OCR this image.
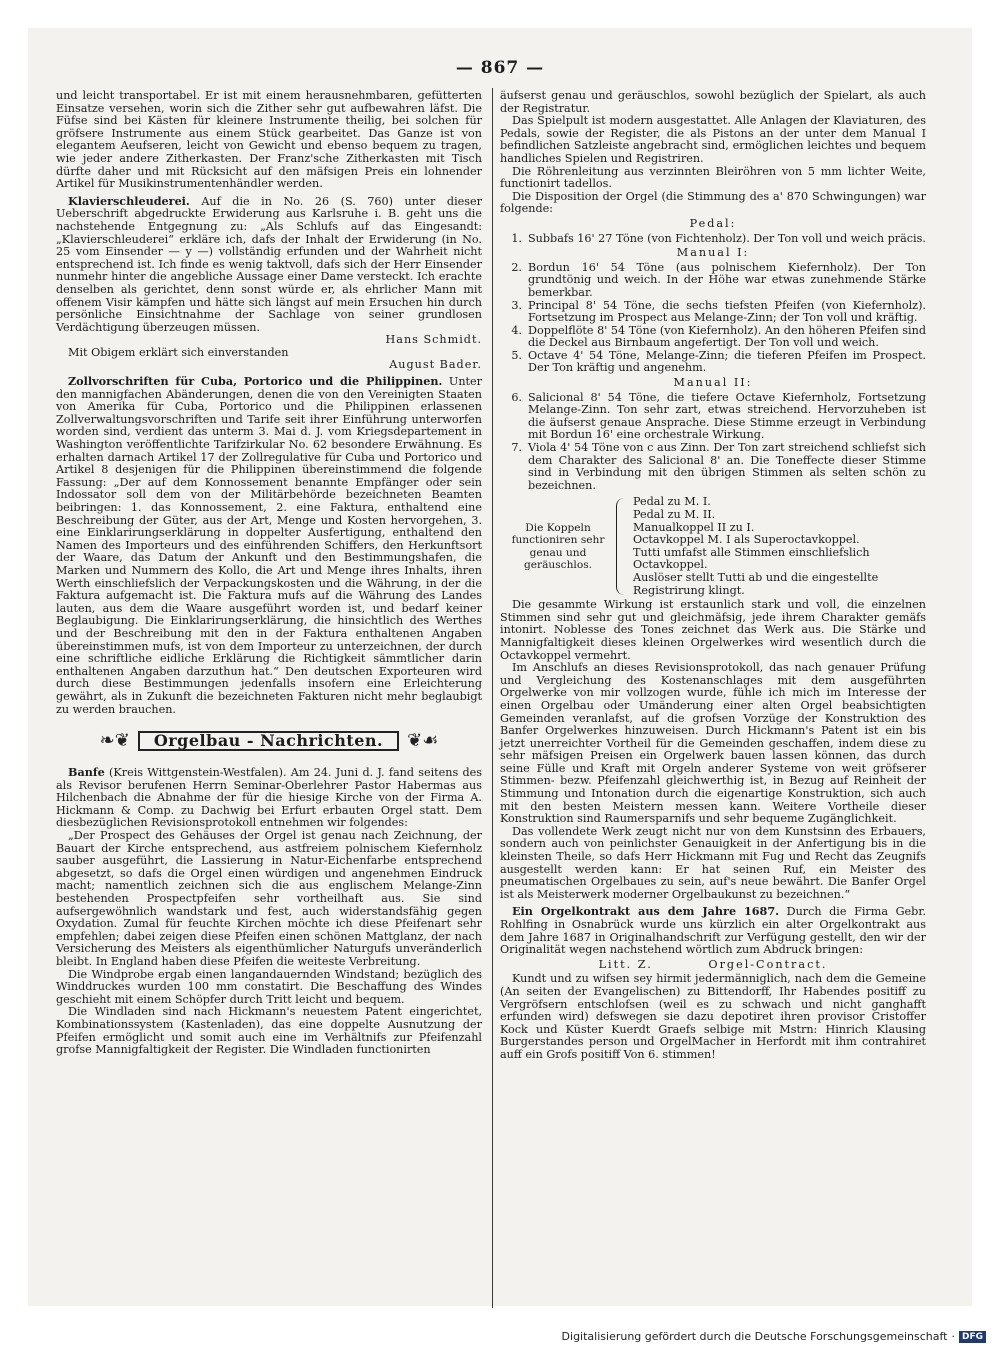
— 867 —

und leicht transportabel. Er ist mit einem herausnehmbaren, gefütterten Einsatze versehen, worin sich die Zither sehr gut aufbewahren läfst. Die Füfse sind bei Kästen für kleinere Instrumente theilig, bei solchen für gröfsere Instrumente aus einem Stück gearbeitet. Das Ganze ist von elegantem Aeufseren, leicht von Gewicht und ebenso bequem zu tragen, wie jeder andere Zitherkasten. Der Franz'sche Zitherkasten mit Tisch dürfte daher und mit Rücksicht auf den mäfsigen Preis ein lohnender Artikel für Musikinstrumentenhändler werden.

Klavierschleuderei. Auf die in No. 26 (S. 760) unter dieser Ueberschrift abgedruckte Erwiderung aus Karlsruhe i. B. geht uns die nachstehende Entgegnung zu: „Als Schlufs auf das Eingesandt: „Klavierschleuderei“ erkläre ich, dafs der Inhalt der Erwiderung (in No. 25 vom Einsender — y —) vollständig erfunden und der Wahrheit nicht entsprechend ist. Ich finde es wenig taktvoll, dafs sich der Herr Einsender nunmehr hinter die angebliche Aussage einer Dame versteckt. Ich erachte denselben als gerichtet, denn sonst würde er, als ehrlicher Mann mit offenem Visir kämpfen und hätte sich längst auf mein Ersuchen hin durch persönliche Einsichtnahme der Sachlage von seiner grundlosen Verdächtigung überzeugen müssen.

Hans Schmidt.

Mit Obigem erklärt sich einverstanden

August Bader.

Zollvorschriften für Cuba, Portorico und die Philippinen. Unter den mannigfachen Abänderungen, denen die von den Vereinigten Staaten von Amerika für Cuba, Portorico und die Philippinen erlassenen Zollverwaltungsvorschriften und Tarife seit ihrer Einführung unterworfen worden sind, verdient das unterm 3. Mai d. J. vom Kriegsdepartement in Washington veröffentlichte Tarifzirkular No. 62 besondere Erwähnung. Es erhalten darnach Artikel 17 der Zollregulative für Cuba und Portorico und Artikel 8 desjenigen für die Philippinen übereinstimmend die folgende Fassung: „Der auf dem Konnossement benannte Empfänger oder sein Indossator soll dem von der Militärbehörde bezeichneten Beamten beibringen: 1. das Konnossement, 2. eine Faktura, enthaltend eine Beschreibung der Güter, aus der Art, Menge und Kosten hervorgehen, 3. eine Einklarirungserklärung in doppelter Ausfertigung, enthaltend den Namen des Importeurs und des einführenden Schiffers, den Herkunftsort der Waare, das Datum der Ankunft und den Bestimmungshafen, die Marken und Nummern des Kollo, die Art und Menge ihres Inhalts, ihren Werth einschliefslich der Verpackungskosten und die Währung, in der die Faktura aufgemacht ist. Die Faktura mufs auf die Währung des Landes lauten, aus dem die Waare ausgeführt worden ist, und bedarf keiner Beglaubigung. Die Einklarirungserklärung, die hinsichtlich des Werthes und der Beschreibung mit den in der Faktura enthaltenen Angaben übereinstimmen mufs, ist von dem Importeur zu unterzeichnen, der durch eine schriftliche eidliche Erklärung die Richtigkeit sämmtlicher darin enthaltenen Angaben darzuthun hat.“ Den deutschen Exporteuren wird durch diese Bestimmungen jedenfalls insofern eine Erleichterung gewährt, als in Zukunft die bezeichneten Fakturen nicht mehr beglaubigt zu werden brauchen.

❧❦	Orgelbau - Nachrichten.	❦☙

Banfe (Kreis Wittgenstein-Westfalen). Am 24. Juni d. J. fand seitens des als Revisor berufenen Herrn Seminar-Oberlehrer Pastor Habermas aus Hilchenbach die Abnahme der für die hiesige Kirche von der Firma A. Hickmann & Comp. zu Dachwig bei Erfurt erbauten Orgel statt. Dem diesbezüglichen Revisionsprotokoll entnehmen wir folgendes:

„Der Prospect des Gehäuses der Orgel ist genau nach Zeichnung, der Bauart der Kirche entsprechend, aus astfreiem polnischem Kiefernholz sauber ausgeführt, die Lassierung in Natur-Eichenfarbe entsprechend abgesetzt, so dafs die Orgel einen würdigen und angenehmen Eindruck macht; namentlich zeichnen sich die aus englischem Melange-Zinn bestehenden Prospectpfeifen sehr vortheilhaft aus. Sie sind aufsergewöhnlich wandstark und fest, auch widerstandsfähig gegen Oxydation. Zumal für feuchte Kirchen möchte ich diese Pfeifenart sehr empfehlen; dabei zeigen diese Pfeifen einen schönen Mattglanz, der nach Versicherung des Meisters als eigenthümlicher Naturgufs unveränderlich bleibt. In England haben diese Pfeifen die weiteste Verbreitung.

Die Windprobe ergab einen langandauernden Windstand; bezüglich des Winddruckes wurden 100 mm constatirt. Die Beschaffung des Windes geschieht mit einem Schöpfer durch Tritt leicht und bequem.

Die Windladen sind nach Hickmann's neuestem Patent eingerichtet, Kombinationssystem (Kastenladen), das eine doppelte Ausnutzung der Pfeifen ermöglicht und somit auch eine im Verhältnifs zur Pfeifenzahl grofse Mannigfaltigkeit der Register. Die Windladen functionirten

äufserst genau und geräuschlos, sowohl bezüglich der Spielart, als auch der Registratur.

Das Spielpult ist modern ausgestattet. Alle Anlagen der Klaviaturen, des Pedals, sowie der Register, die als Pistons an der unter dem Manual I befindlichen Satzleiste angebracht sind, ermöglichen leichtes und bequem handliches Spielen und Registriren.

Die Röhrenleitung aus verzinnten Bleiröhren von 5 mm lichter Weite, functionirt tadellos.

Die Disposition der Orgel (die Stimmung des a' 870 Schwingungen) war folgende:

Pedal:
1. Subbafs 16' 27 Töne (von Fichtenholz). Der Ton voll und weich präcis.
Manual I:
2. Bordun 16' 54 Töne (aus polnischem Kiefernholz). Der Ton grundtönig und weich. In der Höhe war etwas zunehmende Stärke bemerkbar.
3. Principal 8' 54 Töne, die sechs tiefsten Pfeifen (von Kiefernholz). Fortsetzung im Prospect aus Melange-Zinn; der Ton voll und kräftig.
4. Doppelflöte 8' 54 Töne (von Kiefernholz). An den höheren Pfeifen sind die Deckel aus Birnbaum angefertigt. Der Ton voll und weich.
5. Octave 4' 54 Töne, Melange-Zinn; die tieferen Pfeifen im Prospect. Der Ton kräftig und angenehm.
Manual II:
6. Salicional 8' 54 Töne, die tiefere Octave Kiefernholz, Fortsetzung Melange-Zinn. Ton sehr zart, etwas streichend. Hervorzuheben ist die äufserst genaue Ansprache. Diese Stimme erzeugt in Verbindung mit Bordun 16' eine orchestrale Wirkung.
7. Viola 4' 54 Töne von c aus Zinn. Der Ton zart streichend schliefst sich dem Charakter des Salicional 8' an. Die Toneffecte dieser Stimme sind in Verbindung mit den übrigen Stimmen als selten schön zu bezeichnen.
Die Koppeln functioniren sehr genau und geräuschlos.
Pedal zu M. I.
Pedal zu M. II.
Manualkoppel II zu I.
Octavkoppel M. I als Superoctavkoppel.
Tutti umfafst alle Stimmen einschliefslich Octavkoppel.
Auslöser stellt Tutti ab und die eingestellte Registrirung klingt.

Die gesammte Wirkung ist erstaunlich stark und voll, die einzelnen Stimmen sind sehr gut und gleichmäfsig, jede ihrem Charakter gemäfs intonirt. Noblesse des Tones zeichnet das Werk aus. Die Stärke und Mannigfaltigkeit dieses kleinen Orgelwerkes wird wesentlich durch die Octavkoppel vermehrt.

Im Anschlufs an dieses Revisionsprotokoll, das nach genauer Prüfung und Vergleichung des Kostenanschlages mit dem ausgeführten Orgelwerke von mir vollzogen wurde, fühle ich mich im Interesse der einen Orgelbau oder Umänderung einer alten Orgel beabsichtigten Gemeinden veranlafst, auf die grofsen Vorzüge der Konstruktion des Banfer Orgelwerkes hinzuweisen. Durch Hickmann's Patent ist ein bis jetzt unerreichter Vortheil für die Gemeinden geschaffen, indem diese zu sehr mäfsigen Preisen ein Orgelwerk bauen lassen können, das durch seine Fülle und Kraft mit Orgeln anderer Systeme von weit gröfserer Stimmen- bezw. Pfeifenzahl gleichwerthig ist, in Bezug auf Reinheit der Stimmung und Intonation durch die eigenartige Konstruktion, sich auch mit den besten Meistern messen kann. Weitere Vortheile dieser Konstruktion sind Raumersparnifs und sehr bequeme Zugänglichkeit.

Das vollendete Werk zeugt nicht nur von dem Kunstsinn des Erbauers, sondern auch von peinlichster Genauigkeit in der Anfertigung bis in die kleinsten Theile, so dafs Herr Hickmann mit Fug und Recht das Zeugnifs ausgestellt werden kann: Er hat seinen Ruf, ein Meister des pneumatischen Orgelbaues zu sein, auf's neue bewährt. Die Banfer Orgel ist als Meisterwerk moderner Orgelbaukunst zu bezeichnen.“

Ein Orgelkontrakt aus dem Jahre 1687. Durch die Firma Gebr. Rohlfing in Osnabrück wurde uns kürzlich ein alter Orgelkontrakt aus dem Jahre 1687 in Originalhandschrift zur Verfügung gestellt, den wir der Originalität wegen nachstehend wörtlich zum Abdruck bringen:

Litt. Z.          Orgel-Contract.

Kundt und zu wifsen sey hirmit jedermänniglich, nach dem die Gemeine (An seiten der Evangelischen) zu Bittendorff, Ihr Habendes positiff zu Vergröfsern entschlofsen (weil es zu schwach und nicht ganghafft erfunden wird) defswegen sie dazu depotiret ihren provisor Cristoffer Kock und Küster Kuerdt Graefs selbige mit Mstrn: Hinrich Klausing Burgerstandes person und OrgelMacher in Herfordt mit ihm contrahiret auff ein Grofs positiff Von 6. stimmen!

Digitalisierung gefördert durch die Deutsche Forschungsgemeinschaft · DFG
